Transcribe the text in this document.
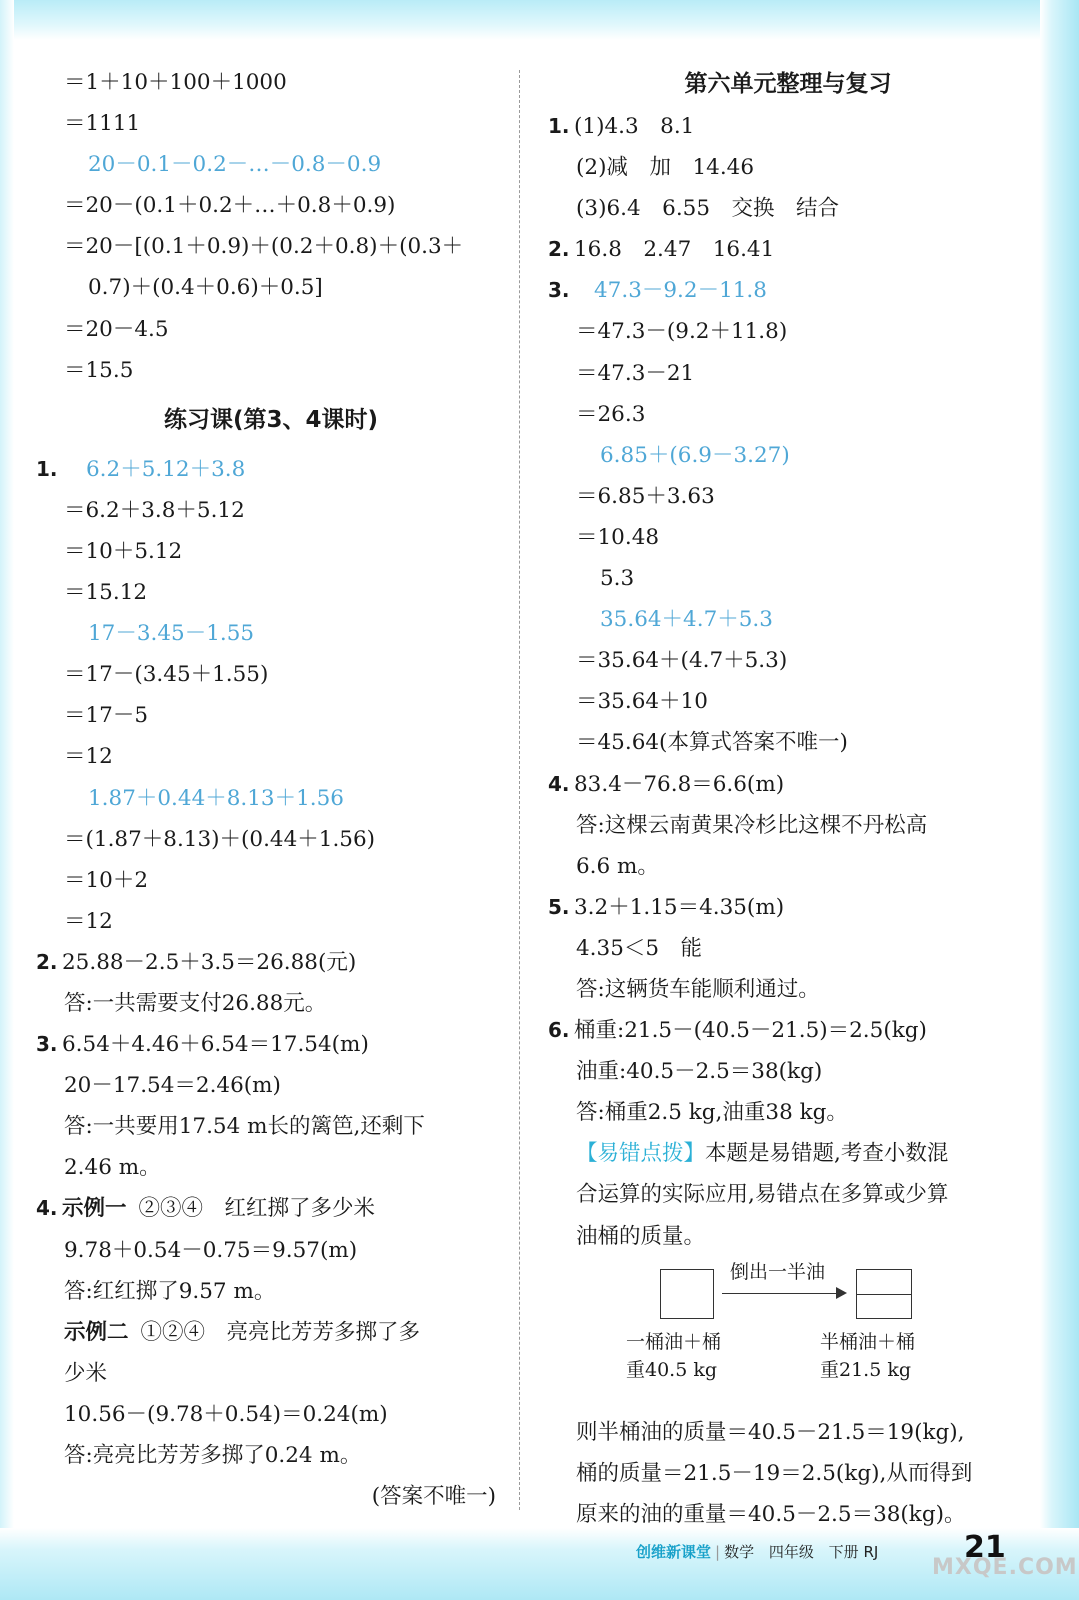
＝1＋10＋100＋1000
＝1111
20－0.1－0.2－…－0.8－0.9
＝20－(0.1＋0.2＋…＋0.8＋0.9)
＝20－[(0.1＋0.9)＋(0.2＋0.8)＋(0.3＋
0.7)＋(0.4＋0.6)＋0.5]
＝20－4.5
＝15.5
练习课(第3、4课时)
1. 6.2＋5.12＋3.8
＝6.2＋3.8＋5.12
＝10＋5.12
＝15.12
17－3.45－1.55
＝17－(3.45＋1.55)
＝17－5
＝12
1.87＋0.44＋8.13＋1.56
＝(1.87＋8.13)＋(0.44＋1.56)
＝10＋2
＝12
2. 25.88－2.5＋3.5＝26.88(元)
答:一共需要支付26.88元。
3. 6.54＋4.46＋6.54＝17.54(m)
20－17.54＝2.46(m)
答:一共要用17.54 m长的篱笆,还剩下
2.46 m。
4. 示例一 ②③④　红红掷了多少米
9.78＋0.54－0.75＝9.57(m)
答:红红掷了9.57 m。
示例二 ①②④　亮亮比芳芳多掷了多
少米
10.56－(9.78＋0.54)＝0.24(m)
答:亮亮比芳芳多掷了0.24 m。
(答案不唯一)
第六单元整理与复习
1. (1)4.3　8.1
(2)减　加　14.46
(3)6.4　6.55　交换　结合
2. 16.8　2.47　16.41
3. 47.3－9.2－11.8
＝47.3－(9.2＋11.8)
＝47.3－21
＝26.3
6.85＋(6.9－3.27)
＝6.85＋3.63
＝10.48
5.3
35.64＋4.7＋5.3
＝35.64＋(4.7＋5.3)
＝35.64＋10
＝45.64(本算式答案不唯一)
4. 83.4－76.8＝6.6(m)
答:这棵云南黄果冷杉比这棵不丹松高
6.6 m。
5. 3.2＋1.15＝4.35(m)
4.35＜5　能
答:这辆货车能顺利通过。
6. 桶重:21.5－(40.5－21.5)＝2.5(kg)
油重:40.5－2.5＝38(kg)
答:桶重2.5 kg,油重38 kg。
【易错点拨】本题是易错题,考查小数混
合运算的实际应用,易错点在多算或少算
油桶的质量。
倒出一半油
一桶油＋桶
重40.5 kg
半桶油＋桶
重21.5 kg
则半桶油的质量＝40.5－21.5＝19(kg),
桶的质量＝21.5－19＝2.5(kg),从而得到
原来的油的重量＝40.5－2.5＝38(kg)。
创维新课堂 | 数学 四年级 下册 RJ	21
MXQE.COM
